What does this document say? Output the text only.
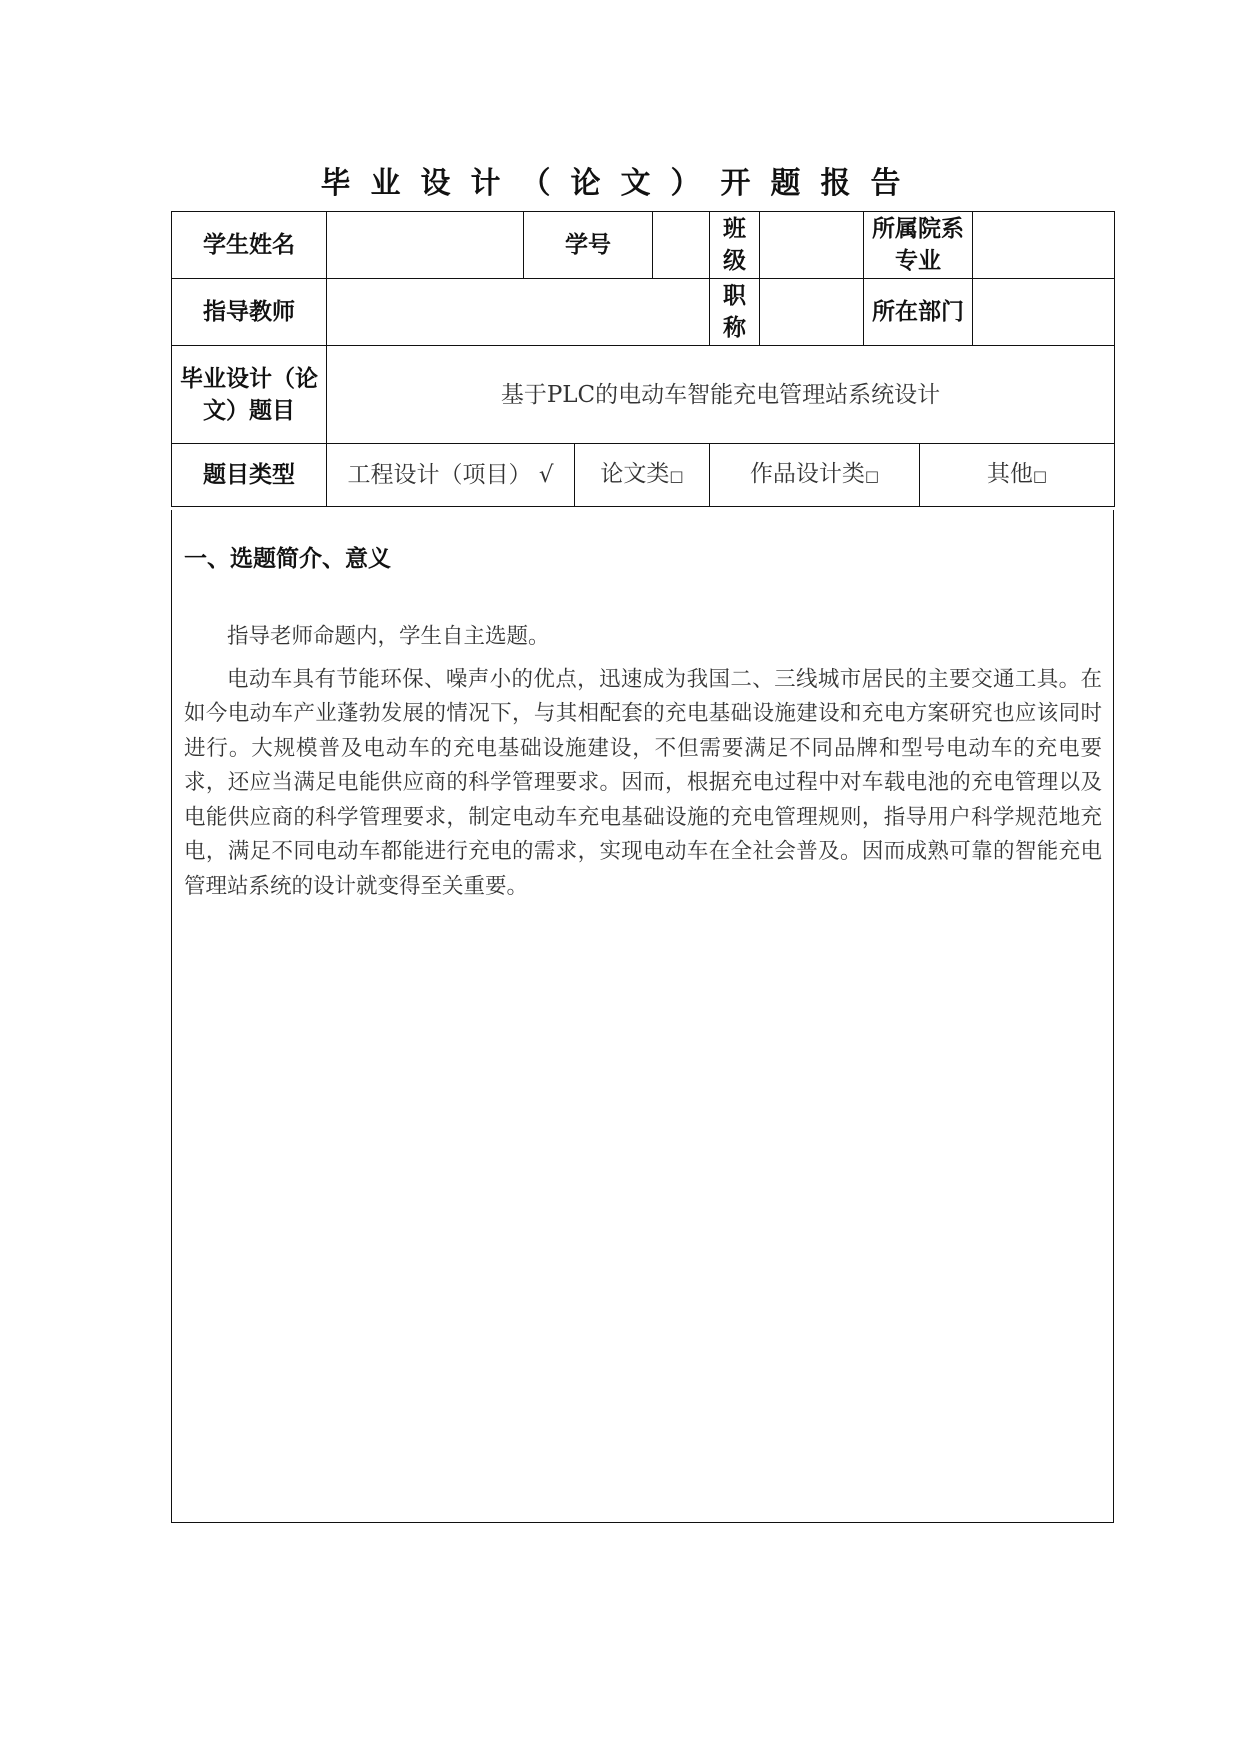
毕业设计（论文）开题报告
学生姓名		学号			班级		所属院系专业		
指导教师					职称		所在部门		
毕业设计（论文）题目	基于PLC的电动车智能充电管理站系统设计								
题目类型	工程设计（项目） √		论文类□		作品设计类□			其他□	
一、选题简介、意义

指导老师命题内，学生自主选题。

电动车具有节能环保、噪声小的优点，迅速成为我国二、三线城市居民的主要交通工具。在如今电动车产业蓬勃发展的情况下，与其相配套的充电基础设施建设和充电方案研究也应该同时进行。大规模普及电动车的充电基础设施建设，不但需要满足不同品牌和型号电动车的充电要求，还应当满足电能供应商的科学管理要求。因而，根据充电过程中对车载电池的充电管理以及电能供应商的科学管理要求，制定电动车充电基础设施的充电管理规则，指导用户科学规范地充电，满足不同电动车都能进行充电的需求，实现电动车在全社会普及。因而成熟可靠的智能充电管理站系统的设计就变得至关重要。
